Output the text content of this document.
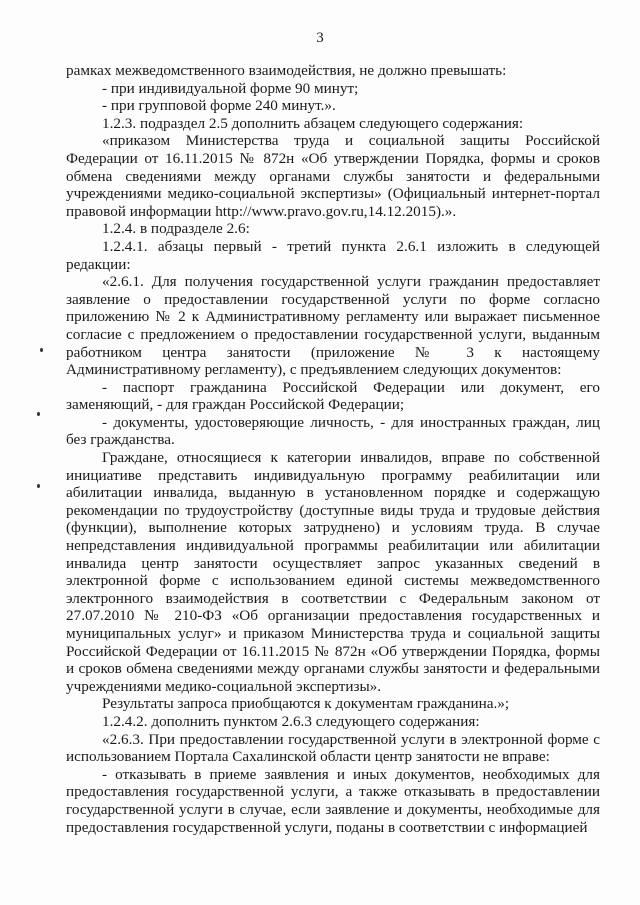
3

рамках межведомственного взаимодействия, не должно превышать:

- при индивидуальной форме 90 минут;

- при групповой форме 240 минут.».

1.2.3. подраздел 2.5 дополнить абзацем следующего содержания:

«приказом Министерства труда и социальной защиты Российской Федерации от 16.11.2015 № 872н «Об утверждении Порядка, формы и сроков обмена сведениями между органами службы занятости и федеральными учреждениями медико-социальной экспертизы» (Официальный интернет-портал правовой информации http://www.pravo.gov.ru,14.12.2015).».

1.2.4. в подразделе 2.6:

1.2.4.1. абзацы первый - третий пункта 2.6.1 изложить в следующей редакции:

«2.6.1. Для получения государственной услуги гражданин предоставляет заявление о предоставлении государственной услуги по форме согласно приложению № 2 к Административному регламенту или выражает письменное согласие с предложением о предоставлении государственной услуги, выданным работником центра занятости (приложение № 3 к настоящему Административному регламенту), с предъявлением следующих документов:

- паспорт гражданина Российской Федерации или документ, его заменяющий, - для граждан Российской Федерации;

- документы, удостоверяющие личность, - для иностранных граждан, лиц без гражданства.

Граждане, относящиеся к категории инвалидов, вправе по собственной инициативе представить индивидуальную программу реабилитации или абилитации инвалида, выданную в установленном порядке и содержащую рекомендации по трудоустройству (доступные виды труда и трудовые действия (функции), выполнение которых затруднено) и условиям труда. В случае непредставления индивидуальной программы реабилитации или абилитации инвалида центр занятости осуществляет запрос указанных сведений в электронной форме с использованием единой системы межведомственного электронного взаимодействия в соответствии с Федеральным законом от 27.07.2010 № 210-ФЗ «Об организации предоставления государственных и муниципальных услуг» и приказом Министерства труда и социальной защиты Российской Федерации от 16.11.2015 № 872н «Об утверждении Порядка, формы и сроков обмена сведениями между органами службы занятости и федеральными учреждениями медико-социальной экспертизы».

Результаты запроса приобщаются к документам гражданина.»;

1.2.4.2. дополнить пунктом 2.6.3 следующего содержания:

«2.6.3. При предоставлении государственной услуги в электронной форме с использованием Портала Сахалинской области центр занятости не вправе:

- отказывать в приеме заявления и иных документов, необходимых для предоставления государственной услуги, а также отказывать в предоставлении государственной услуги в случае, если заявление и документы, необходимые для предоставления государственной услуги, поданы в соответствии с информацией
